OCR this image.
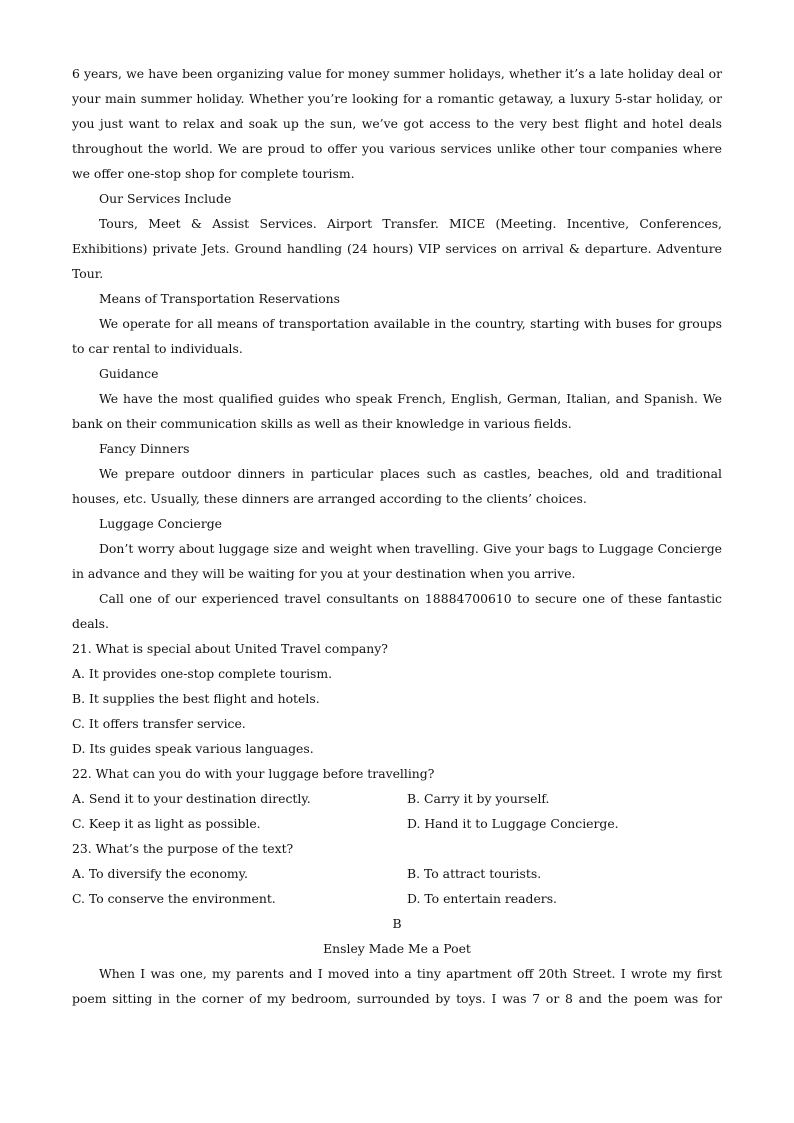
6 years, we have been organizing value for money summer holidays, whether it’s a late holiday deal or your main summer holiday. Whether you’re looking for a romantic getaway, a luxury 5-star holiday, or you just want to relax and soak up the sun, we’ve got access to the very best flight and hotel deals throughout the world. We are proud to offer you various services unlike other tour companies where we offer one-stop shop for complete tourism.

Our Services Include

Tours, Meet & Assist Services. Airport Transfer. MICE (Meeting. Incentive, Conferences, Exhibitions) private Jets. Ground handling (24 hours) VIP services on arrival & departure. Adventure Tour.

Means of Transportation Reservations

We operate for all means of transportation available in the country, starting with buses for groups to car rental to individuals.

Guidance

We have the most qualified guides who speak French, English, German, Italian, and Spanish. We bank on their communication skills as well as their knowledge in various fields.

Fancy Dinners

We prepare outdoor dinners in particular places such as castles, beaches, old and traditional houses, etc. Usually, these dinners are arranged according to the clients’ choices.

Luggage Concierge

Don’t worry about luggage size and weight when travelling. Give your bags to Luggage Concierge in advance and they will be waiting for you at your destination when you arrive.

Call one of our experienced travel consultants on 18884700610 to secure one of these fantastic deals.

21. What is special about United Travel company?

A. It provides one-stop complete tourism.

B. It supplies the best flight and hotels.

C. It offers transfer service.

D. Its guides speak various languages.

22. What can you do with your luggage before travelling?

A. Send it to your destination directly.	B. Carry it by yourself.
C. Keep it as light as possible.	D. Hand it to Luggage Concierge.

23. What’s the purpose of the text?

A. To diversify the economy.	B. To attract tourists.
C. To conserve the environment.	D. To entertain readers.

B

Ensley Made Me a Poet

When I was one, my parents and I moved into a tiny apartment off 20th Street. I wrote my first poem sitting in the corner of my bedroom, surrounded by toys. I was 7 or 8 and the poem was for
